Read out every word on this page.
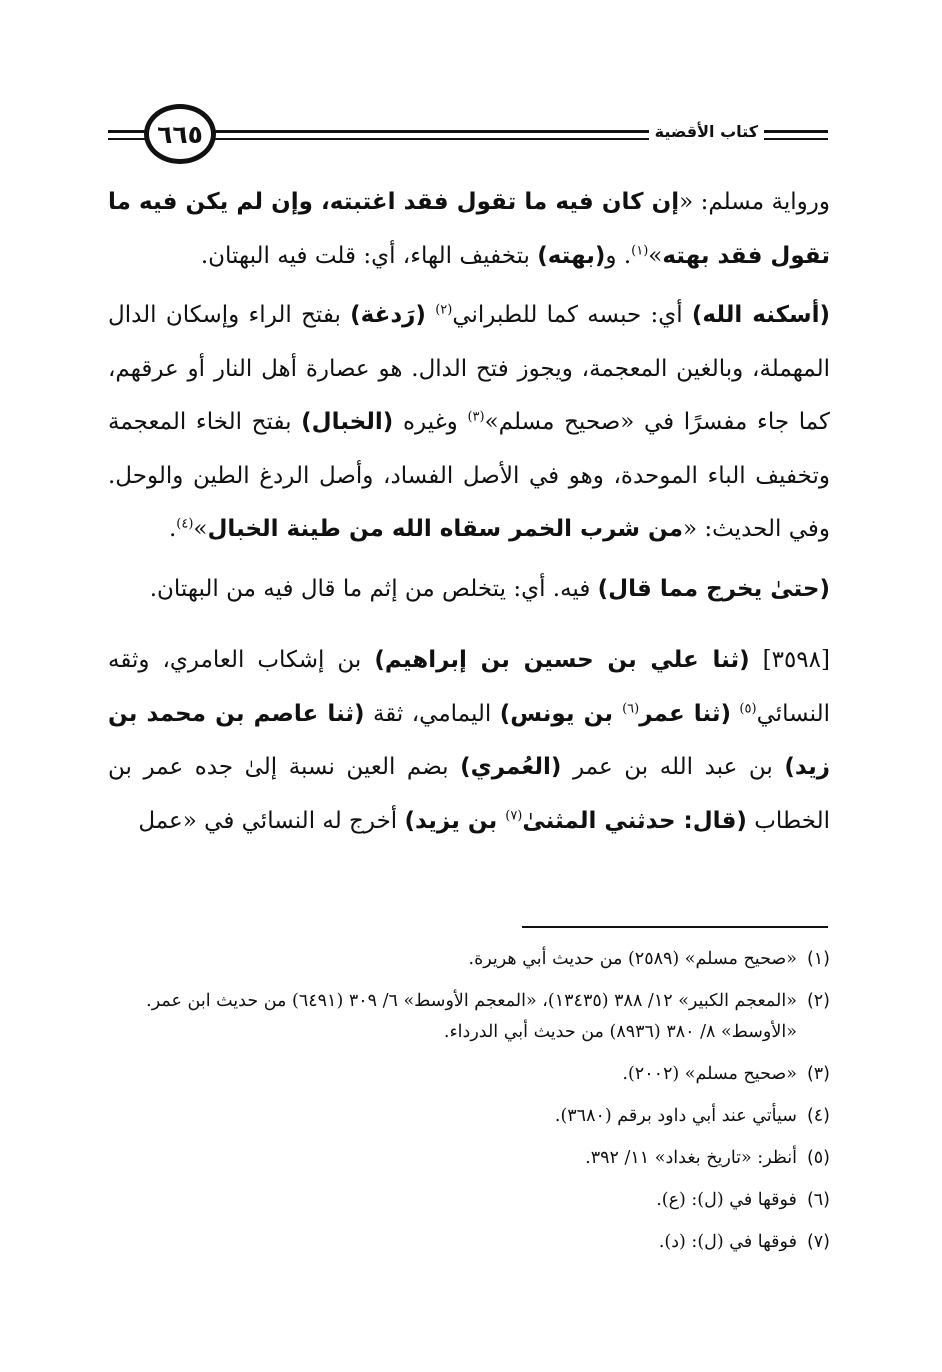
٦٦٥	كتاب الأقضية

ورواية مسلم: «إن كان فيه ما تقول فقد اغتبته، وإن لم يكن فيه ما تقول فقد بهته»$^{(١)}$. و(بهته) بتخفيف الهاء، أي: قلت فيه البهتان.

(أسكنه الله) أي: حبسه كما للطبراني$^{(٢)}$ (رَدغة) بفتح الراء وإسكان الدال المهملة، وبالغين المعجمة، ويجوز فتح الدال. هو عصارة أهل النار أو عرقهم، كما جاء مفسرًا في «صحيح مسلم»$^{(٣)}$ وغيره (الخبال) بفتح الخاء المعجمة وتخفيف الباء الموحدة، وهو في الأصل الفساد، وأصل الردغ الطين والوحل. وفي الحديث: «من شرب الخمر سقاه الله من طينة الخبال»$^{(٤)}$.

(حتىٰ يخرج مما قال) فيه. أي: يتخلص من إثم ما قال فيه من البهتان.

[٣٥٩٨] (ثنا علي بن حسين بن إبراهيم) بن إشكاب العامري، وثقه النسائي$^{(٥)}$ (ثنا عمر$^{(٦)}$ بن يونس) اليمامي، ثقة (ثنا عاصم بن محمد بن زيد) بن عبد الله بن عمر (العُمري) بضم العين نسبة إلىٰ جده عمر بن الخطاب (قال: حدثني المثنىٰ$^{(٧)}$ بن يزيد) أخرج له النسائي في «عمل

(١)
«صحيح مسلم» (٢٥٨٩) من حديث أبي هريرة.
(٢)
«المعجم الكبير» ١٢/ ٣٨٨ (١٣٤٣٥)، «المعجم الأوسط» ٦/ ٣٠٩ (٦٤٩١) من حديث ابن عمر. «الأوسط» ٨/ ٣٨٠ (٨٩٣٦) من حديث أبي الدرداء.
(٣)
«صحيح مسلم» (٢٠٠٢).
(٤)
سيأتي عند أبي داود برقم (٣٦٨٠).
(٥)
أنظر: «تاريخ بغداد» ١١/ ٣٩٢.
(٦)
فوقها في (ل): (ع).
(٧)
فوقها في (ل): (د).
